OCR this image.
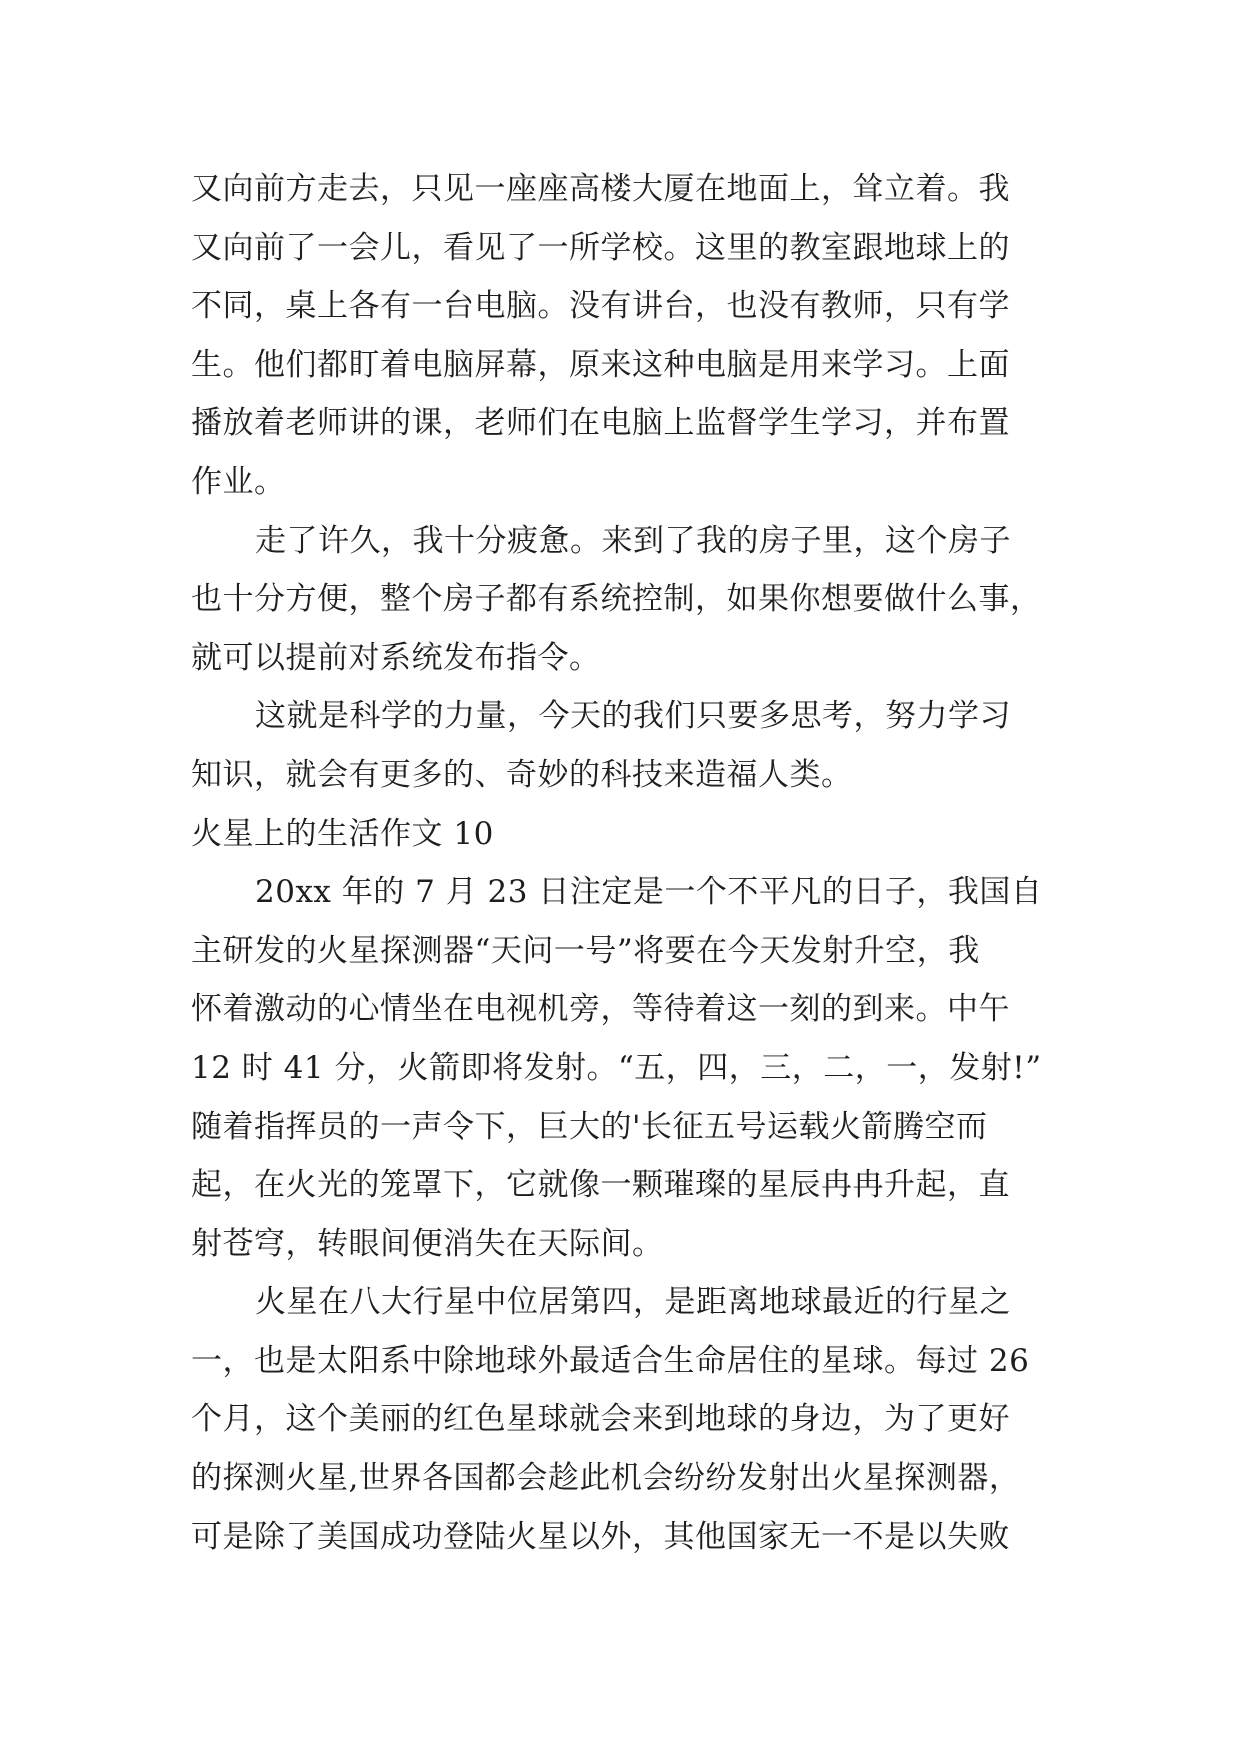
又向前方走去，只见一座座高楼大厦在地面上，耸立着。我
又向前了一会儿，看见了一所学校。这里的教室跟地球上的
不同，桌上各有一台电脑。没有讲台，也没有教师，只有学
生。他们都盯着电脑屏幕，原来这种电脑是用来学习。上面
播放着老师讲的课，老师们在电脑上监督学生学习，并布置
作业。
走了许久，我十分疲惫。来到了我的房子里，这个房子
也十分方便，整个房子都有系统控制，如果你想要做什么事，
就可以提前对系统发布指令。
这就是科学的力量，今天的我们只要多思考，努力学习
知识，就会有更多的、奇妙的科技来造福人类。
火星上的生活作文 10
20xx 年的 7 月 23 日注定是一个不平凡的日子，我国自
主研发的火星探测器“天问一号”将要在今天发射升空，我
怀着激动的心情坐在电视机旁，等待着这一刻的到来。中午
12 时 41 分，火箭即将发射。“五，四，三，二，一，发射!”
随着指挥员的一声令下，巨大的'长征五号运载火箭腾空而
起，在火光的笼罩下，它就像一颗璀璨的星辰冉冉升起，直
射苍穹，转眼间便消失在天际间。
火星在八大行星中位居第四，是距离地球最近的行星之
一，也是太阳系中除地球外最适合生命居住的星球。每过 26
个月，这个美丽的红色星球就会来到地球的身边，为了更好
的探测火星,世界各国都会趁此机会纷纷发射出火星探测器，
可是除了美国成功登陆火星以外，其他国家无一不是以失败
